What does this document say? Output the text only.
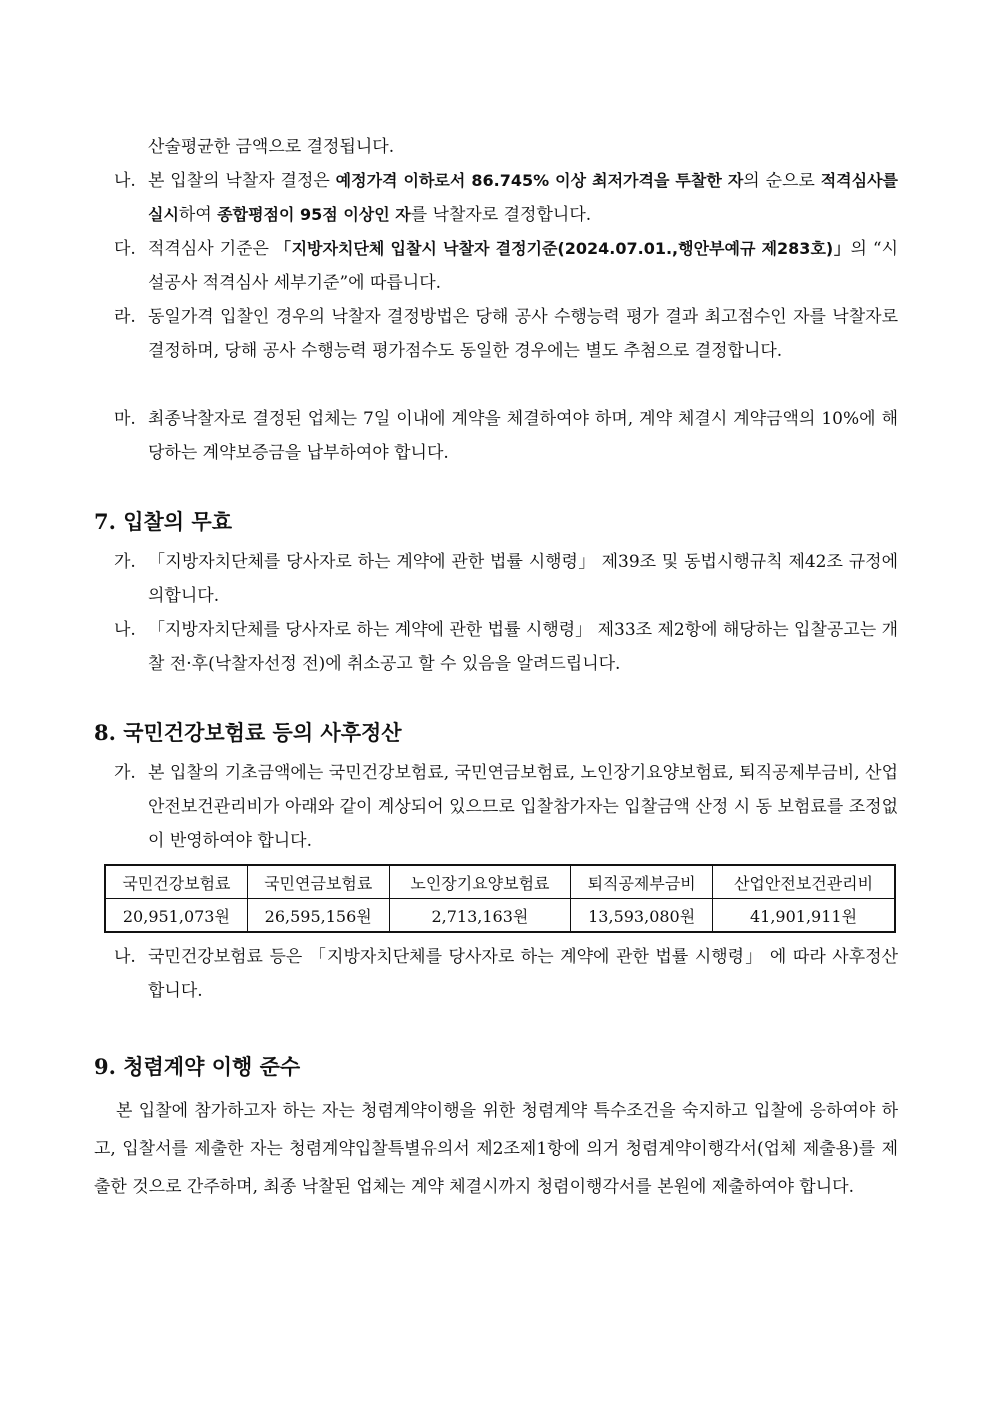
산술평균한 금액으로 결정됩니다.
나. 본 입찰의 낙찰자 결정은 예정가격 이하로서 86.745% 이상 최저가격을 투찰한 자의 순으로 적격심사를 실시하여 종합평점이 95점 이상인 자를 낙찰자로 결정합니다.
다. 적격심사 기준은 「지방자치단체 입찰시 낙찰자 결정기준(2024.07.01.,행안부예규 제283호)」의 “시설공사 적격심사 세부기준”에 따릅니다.
라. 동일가격 입찰인 경우의 낙찰자 결정방법은 당해 공사 수행능력 평가 결과 최고점수인 자를 낙찰자로 결정하며, 당해 공사 수행능력 평가점수도 동일한 경우에는 별도 추첨으로 결정합니다.
마. 최종낙찰자로 결정된 업체는 7일 이내에 계약을 체결하여야 하며, 계약 체결시 계약금액의 10%에 해당하는 계약보증금을 납부하여야 합니다.
7. 입찰의 무효
가. 「지방자치단체를 당사자로 하는 계약에 관한 법률 시행령」 제39조 및 동법시행규칙 제42조 규정에 의합니다.
나. 「지방자치단체를 당사자로 하는 계약에 관한 법률 시행령」 제33조 제2항에 해당하는 입찰공고는 개찰 전·후(낙찰자선정 전)에 취소공고 할 수 있음을 알려드립니다.
8. 국민건강보험료 등의 사후정산
가. 본 입찰의 기초금액에는 국민건강보험료, 국민연금보험료, 노인장기요양보험료, 퇴직공제부금비, 산업안전보건관리비가 아래와 같이 계상되어 있으므로 입찰참가자는 입찰금액 산정 시 동 보험료를 조정없이 반영하여야 합니다.
국민건강보험료	국민연금보험료	노인장기요양보험료	퇴직공제부금비	산업안전보건관리비
20,951,073원	26,595,156원	2,713,163원	13,593,080원	41,901,911원
나. 국민건강보험료 등은 「지방자치단체를 당사자로 하는 계약에 관한 법률 시행령」 에 따라 사후정산 합니다.
9. 청렴계약 이행 준수
본 입찰에 참가하고자 하는 자는 청렴계약이행을 위한 청렴계약 특수조건을 숙지하고 입찰에 응하여야 하고, 입찰서를 제출한 자는 청렴계약입찰특별유의서 제2조제1항에 의거 청렴계약이행각서(업체 제출용)를 제출한 것으로 간주하며, 최종 낙찰된 업체는 계약 체결시까지 청렴이행각서를 본원에 제출하여야 합니다.
